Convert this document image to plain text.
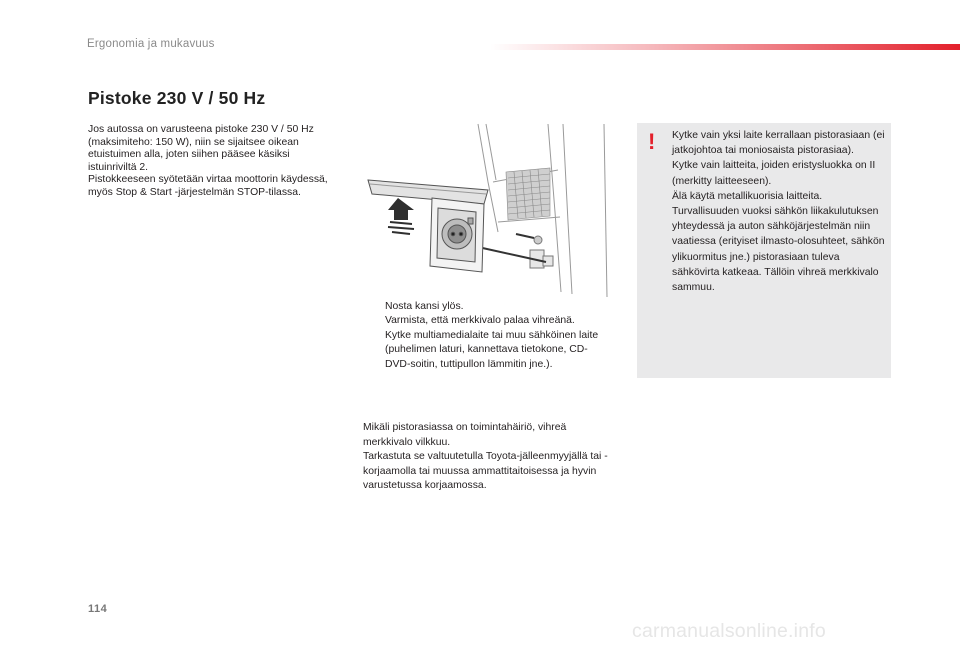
Ergonomia ja mukavuus
Pistoke 230 V / 50 Hz
Jos autossa on varusteena pistoke 230 V / 50 Hz (maksimiteho: 150 W), niin se sijaitsee oikean etuistuimen alla, joten siihen pääsee käsiksi istuinriviltä 2.
Pistokkeeseen syötetään virtaa moottorin käydessä, myös Stop & Start -järjestelmän STOP-tilassa.
Nosta kansi ylös.
Varmista, että merkkivalo palaa vihreänä.
Kytke multiamedialaite tai muu sähköinen laite (puhelimen laturi, kannettava tietokone, CD-DVD-soitin, tuttipullon lämmitin jne.).
Mikäli pistorasiassa on toimintahäiriö, vihreä merkkivalo vilkkuu.
Tarkastuta se valtuutetulla Toyota-jälleenmyyjällä tai -korjaamolla tai muussa ammattitaitoisessa ja hyvin varustetussa korjaamossa.
! Kytke vain yksi laite kerrallaan pistorasiaan (ei jatkojohtoa tai moniosaista pistorasiaa).
Kytke vain laitteita, joiden eristysluokka on II (merkitty laitteeseen).
Älä käytä metallikuorisia laitteita.
Turvallisuuden vuoksi sähkön liikakulutuksen yhteydessä ja auton sähköjärjestelmän niin vaatiessa (erityiset ilmasto-olosuhteet, sähkön ylikuormitus jne.) pistorasiaan tuleva sähkövirta katkeaa. Tällöin vihreä merkkivalo sammuu.
114
carmanualsonline.info
